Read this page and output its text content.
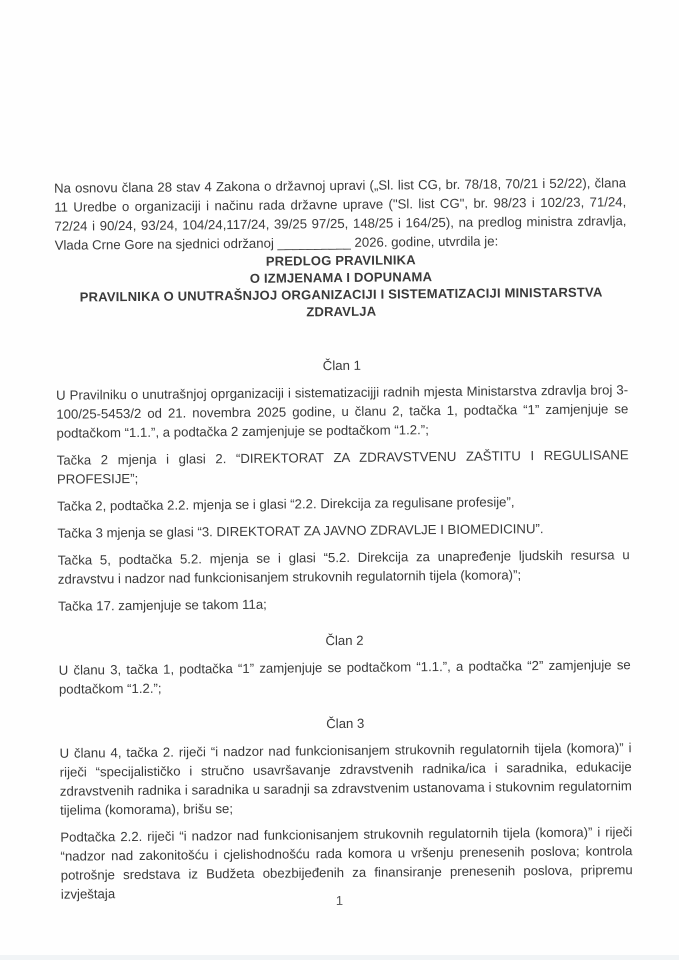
Na osnovu člana 28 stav 4 Zakona o državnoj upravi („Sl. list CG, br. 78/18, 70/21 i 52/22), člana 11 Uredbe o organizaciji i načinu rada državne uprave ("Sl. list CG", br. 98/23 i 102/23, 71/24, 72/24 i 90/24, 93/24, 104/24,117/24, 39/25 97/25, 148/25 i 164/25), na predlog ministra zdravlja, Vlada Crne Gore na sjednici održanoj __________ 2026. godine, utvrdila je:

PREDLOG PRAVILNIKA
O IZMJENAMA I DOPUNAMA
PRAVILNIKA O UNUTRAŠNJOJ ORGANIZACIJI I SISTEMATIZACIJI MINISTARSTVA
ZDRAVLJA
Član 1

U Pravilniku o unutrašnjoj oprganizaciji i sistematizacijji radnih mjesta Ministarstva zdravlja broj 3-100/25-5453/2 od 21. novembra 2025 godine, u članu 2, tačka 1, podtačka “1” zamjenjuje se podtačkom “1.1.”, a podtačka 2 zamjenjuje se podtačkom “1.2.”;

Tačka 2 mjenja i glasi 2. “DIREKTORAT ZA ZDRAVSTVENU ZAŠTITU I REGULISANE PROFESIJE”;

Tačka 2, podtačka 2.2. mjenja se i glasi “2.2. Direkcija za regulisane profesije”,

Tačka 3 mjenja se glasi “3. DIREKTORAT ZA JAVNO ZDRAVLJE I BIOMEDICINU”.

Tačka 5, podtačka 5.2. mjenja se i glasi “5.2. Direkcija za unapređenje ljudskih resursa u zdravstvu i nadzor nad funkcionisanjem strukovnih regulatornih tijela (komora)”;

Tačka 17. zamjenjuje se takom 11a;

Član 2

U članu 3, tačka 1, podtačka “1” zamjenjuje se podtačkom “1.1.”, a podtačka “2” zamjenjuje se podtačkom “1.2.”;

Član 3

U članu 4, tačka 2. riječi “i nadzor nad funkcionisanjem strukovnih regulatornih tijela (komora)” i riječi “specijalističko i stručno usavršavanje zdravstvenih radnika/ica i saradnika, edukacije zdravstvenih radnika i saradnika u saradnji sa zdravstvenim ustanovama i stukovnim regulatornim tijelima (komorama), brišu se;

Podtačka 2.2. riječi “i nadzor nad funkcionisanjem strukovnih regulatornih tijela (komora)” i riječi “nadzor nad zakonitošću i cjelishodnošću rada komora u vršenju prenesenih poslova; kontrola potrošnje sredstava iz Budžeta obezbijeđenih za finansiranje prenesenih poslova, pripremu izvještaja	1
